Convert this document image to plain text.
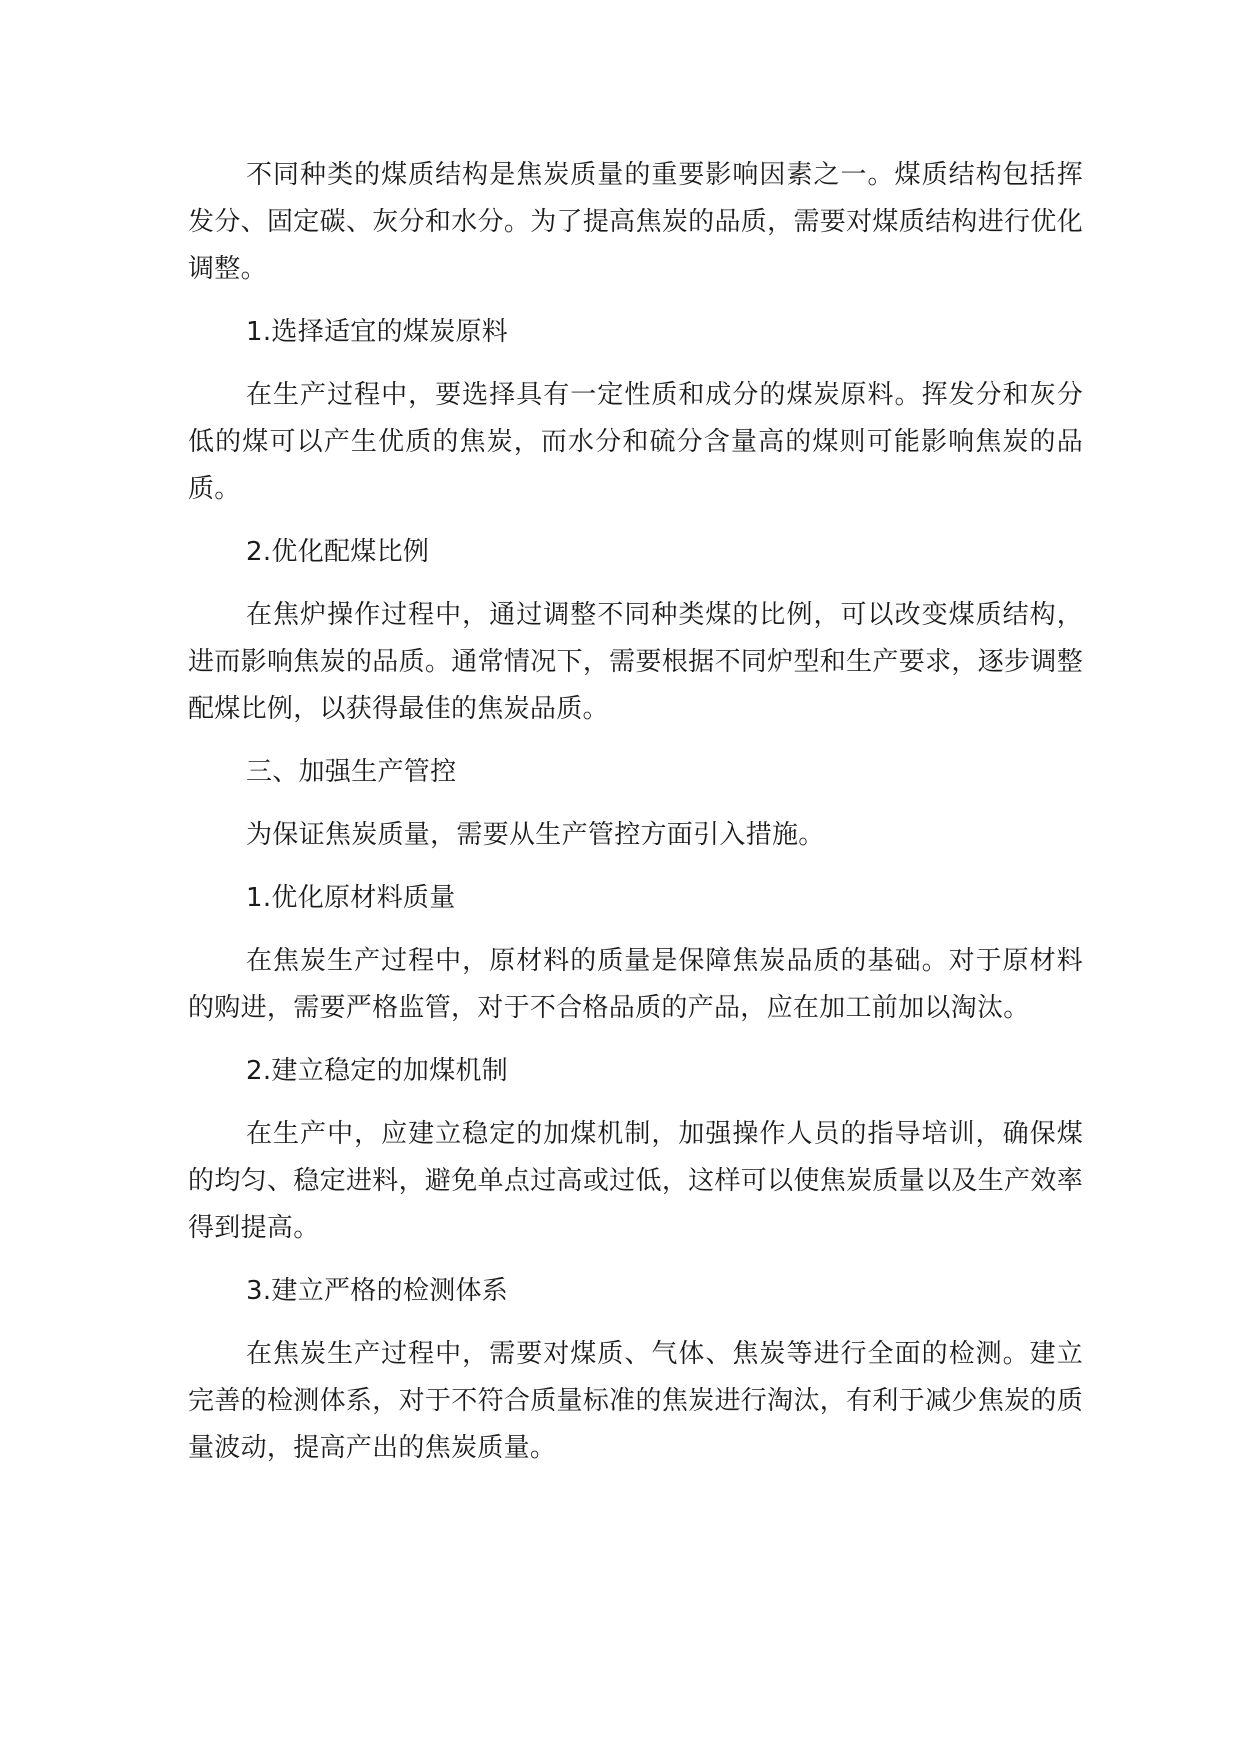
不同种类的煤质结构是焦炭质量的重要影响因素之一。煤质结构包括挥发分、固定碳、灰分和水分。为了提高焦炭的品质，需要对煤质结构进行优化调整。

1.选择适宜的煤炭原料

在生产过程中，要选择具有一定性质和成分的煤炭原料。挥发分和灰分低的煤可以产生优质的焦炭，而水分和硫分含量高的煤则可能影响焦炭的品质。

2.优化配煤比例

在焦炉操作过程中，通过调整不同种类煤的比例，可以改变煤质结构，进而影响焦炭的品质。通常情况下，需要根据不同炉型和生产要求，逐步调整配煤比例，以获得最佳的焦炭品质。

三、加强生产管控

为保证焦炭质量，需要从生产管控方面引入措施。

1.优化原材料质量

在焦炭生产过程中，原材料的质量是保障焦炭品质的基础。对于原材料的购进，需要严格监管，对于不合格品质的产品，应在加工前加以淘汰。

2.建立稳定的加煤机制

在生产中，应建立稳定的加煤机制，加强操作人员的指导培训，确保煤的均匀、稳定进料，避免单点过高或过低，这样可以使焦炭质量以及生产效率得到提高。

3.建立严格的检测体系

在焦炭生产过程中，需要对煤质、气体、焦炭等进行全面的检测。建立完善的检测体系，对于不符合质量标准的焦炭进行淘汰，有利于减少焦炭的质量波动，提高产出的焦炭质量。
